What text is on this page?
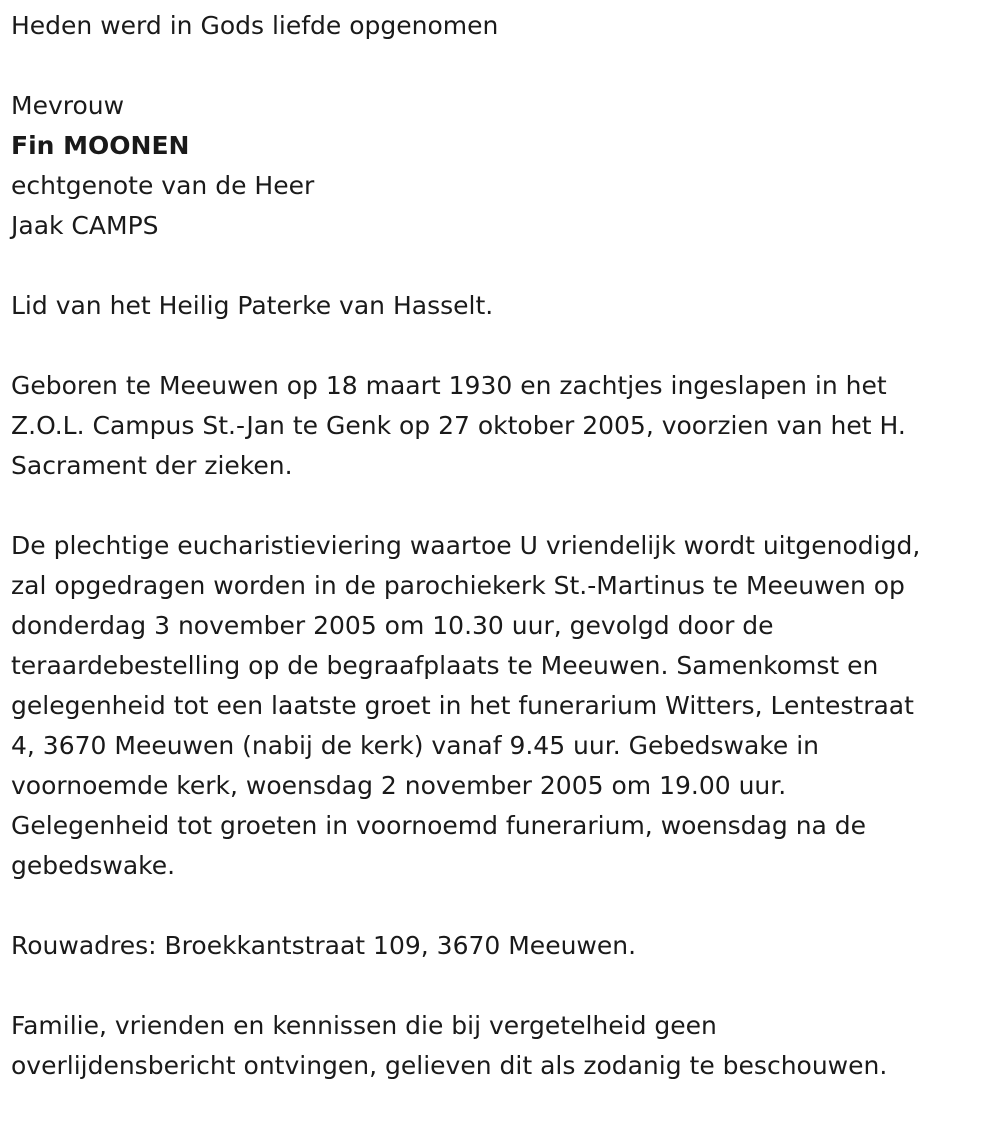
Heden werd in Gods liefde opgenomen

Mevrouw

Fin MOONEN

echtgenote van de Heer

Jaak CAMPS

Lid van het Heilig Paterke van Hasselt.

Geboren te Meeuwen op 18 maart 1930 en zachtjes ingeslapen in het

Z.O.L. Campus St.-Jan te Genk op 27 oktober 2005, voorzien van het H.

Sacrament der zieken.

De plechtige eucharistieviering waartoe U vriendelijk wordt uitgenodigd,

zal opgedragen worden in de parochiekerk St.-Martinus te Meeuwen op

donderdag 3 november 2005 om 10.30 uur, gevolgd door de

teraardebestelling op de begraafplaats te Meeuwen. Samenkomst en

gelegenheid tot een laatste groet in het funerarium Witters, Lentestraat

4, 3670 Meeuwen (nabij de kerk) vanaf 9.45 uur. Gebedswake in

voornoemde kerk, woensdag 2 november 2005 om 19.00 uur.

Gelegenheid tot groeten in voornoemd funerarium, woensdag na de

gebedswake.

Rouwadres: Broekkantstraat 109, 3670 Meeuwen.

Familie, vrienden en kennissen die bij vergetelheid geen

overlijdensbericht ontvingen, gelieven dit als zodanig te beschouwen.
